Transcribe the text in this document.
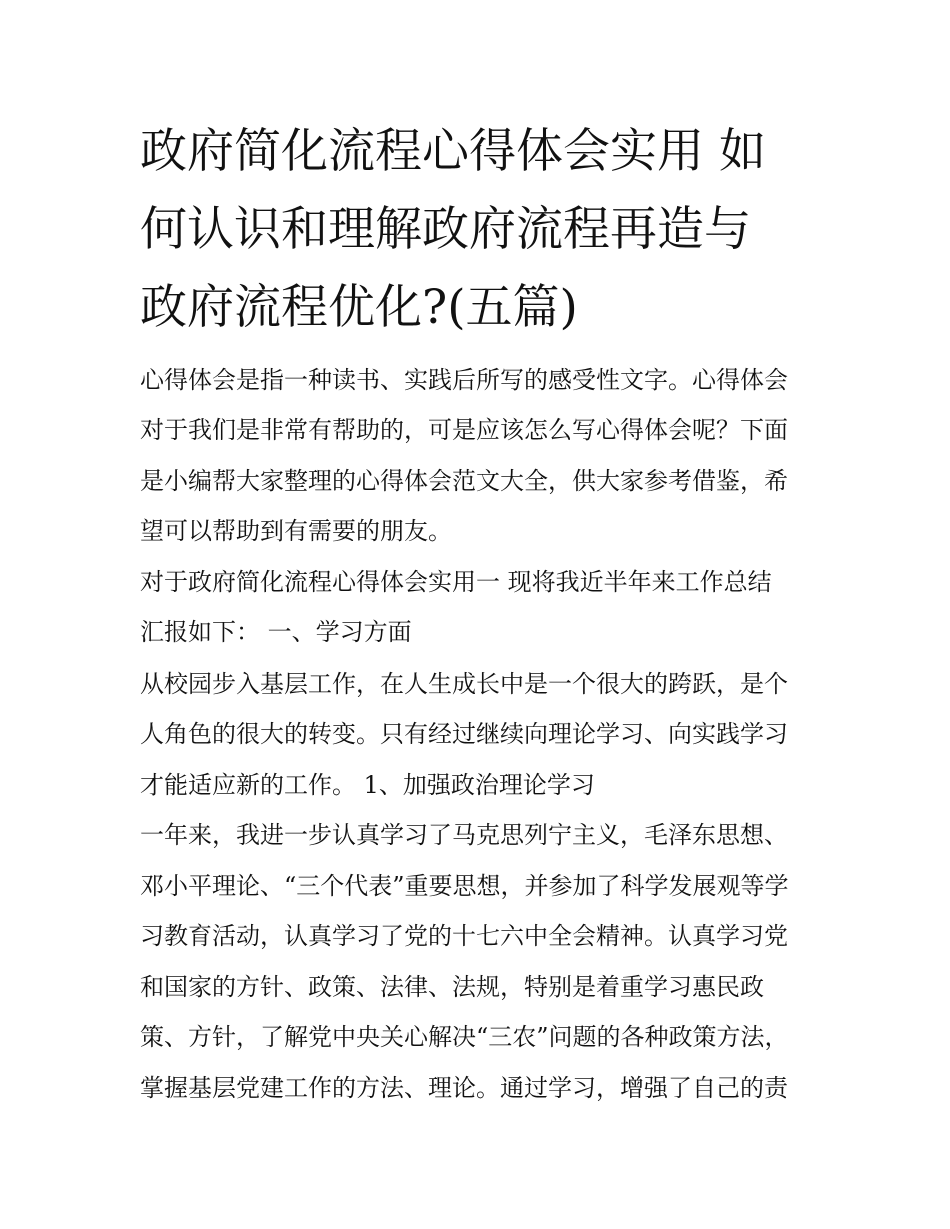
政府简化流程心得体会实用 如
何认识和理解政府流程再造与
政府流程优化?(五篇)
心得体会是指一种读书、实践后所写的感受性文字。心得体会
对于我们是非常有帮助的，可是应该怎么写心得体会呢？下面
是小编帮大家整理的心得体会范文大全，供大家参考借鉴，希
望可以帮助到有需要的朋友。
对于政府简化流程心得体会实用一 现将我近半年来工作总结
汇报如下： 一、学习方面
从校园步入基层工作，在人生成长中是一个很大的跨跃，是个
人角色的很大的转变。只有经过继续向理论学习、向实践学习
才能适应新的工作。 1、加强政治理论学习
一年来，我进一步认真学习了马克思列宁主义，毛泽东思想、
邓小平理论、“三个代表”重要思想，并参加了科学发展观等学
习教育活动，认真学习了党的十七六中全会精神。认真学习党
和国家的方针、政策、法律、法规，特别是着重学习惠民政
策、方针，了解党中央关心解决“三农”问题的各种政策方法，
掌握基层党建工作的方法、理论。通过学习，增强了自己的责
